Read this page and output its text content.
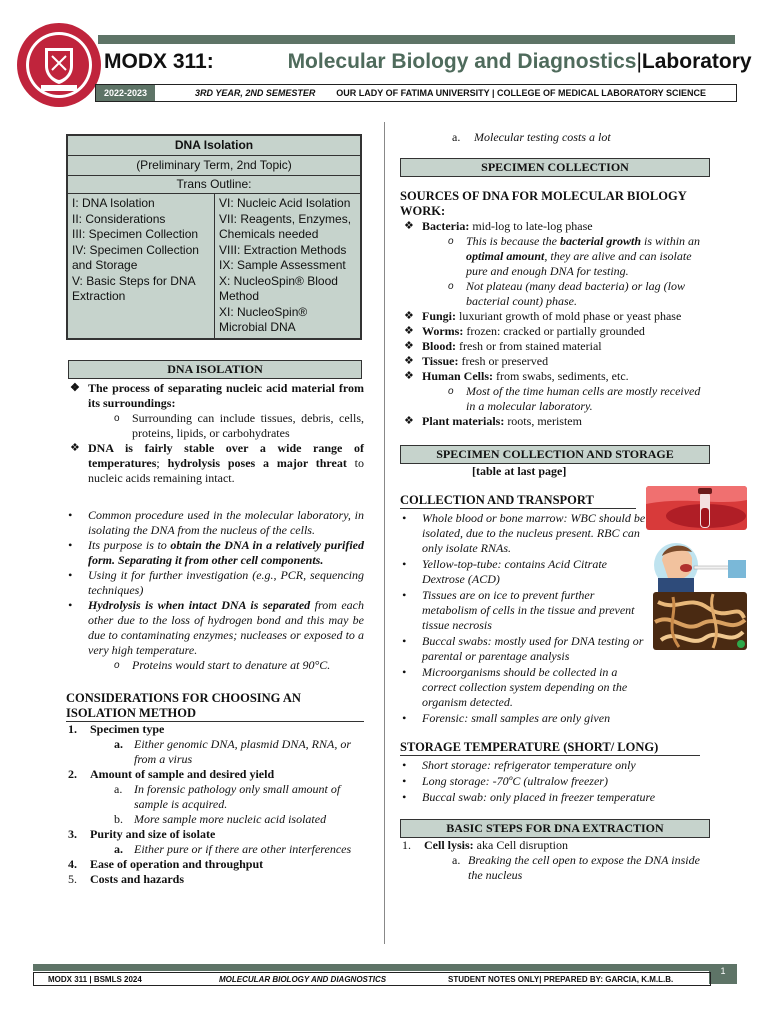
MODX 311:	Molecular Biology and Diagnostics|Laboratory
2022-2023	3RD YEAR, 2ND SEMESTER OUR LADY OF FATIMA UNIVERSITY | COLLEGE OF MEDICAL LABORATORY SCIENCE
DNA Isolation
(Preliminary Term, 2nd Topic)
Trans Outline:
I: DNA Isolation
II: Considerations
III: Specimen Collection
IV: Specimen Collection and Storage
V: Basic Steps for DNA Extraction
VI: Nucleic Acid Isolation
VII: Reagents, Enzymes, Chemicals needed
VIII: Extraction Methods
IX: Sample Assessment
X: NucleoSpin® Blood Method
XI: NucleoSpin® Microbial DNA
DNA ISOLATION
❖ The process of separating nucleic acid material from its surroundings:
o Surrounding can include tissues, debris, cells, proteins, lipids, or carbohydrates
❖ DNA is fairly stable over a wide range of temperatures; hydrolysis poses a major threat to nucleic acids remaining intact.
• Common procedure used in the molecular laboratory, in isolating the DNA from the nucleus of the cells.
• Its purpose is to obtain the DNA in a relatively purified form. Separating it from other cell components.
• Using it for further investigation (e.g., PCR, sequencing techniques)
• Hydrolysis is when intact DNA is separated from each other due to the loss of hydrogen bond and this may be due to contaminating enzymes; nucleases or exposed to a very high temperature.
o Proteins would start to denature at 90°C.
CONSIDERATIONS FOR CHOOSING AN ISOLATION METHOD
1. Specimen type
a. Either genomic DNA, plasmid DNA, RNA, or from a virus
2. Amount of sample and desired yield
a. In forensic pathology only small amount of sample is acquired.
b. More sample more nucleic acid isolated
3. Purity and size of isolate
a. Either pure or if there are other interferences
4. Ease of operation and throughput
5. Costs and hazards
a. Molecular testing costs a lot
SPECIMEN COLLECTION
SOURCES OF DNA FOR MOLECULAR BIOLOGY WORK:
❖ Bacteria: mid-log to late-log phase
o This is because the bacterial growth is within an optimal amount, they are alive and can isolate pure and enough DNA for testing.
o Not plateau (many dead bacteria) or lag (low bacterial count) phase.
❖ Fungi: luxuriant growth of mold phase or yeast phase
❖ Worms: frozen: cracked or partially grounded
❖ Blood: fresh or from stained material
❖ Tissue: fresh or preserved
❖ Human Cells: from swabs, sediments, etc.
o Most of the time human cells are mostly received in a molecular laboratory.
❖ Plant materials: roots, meristem
SPECIMEN COLLECTION AND STORAGE
[table at last page]
COLLECTION AND TRANSPORT
• Whole blood or bone marrow: WBC should be isolated, due to the nucleus present. RBC can only isolate RNAs.
• Yellow-top-tube: contains Acid Citrate Dextrose (ACD)
• Tissues are on ice to prevent further metabolism of cells in the tissue and prevent tissue necrosis
• Buccal swabs: mostly used for DNA testing or parental or parentage analysis
• Microorganisms should be collected in a correct collection system depending on the organism detected.
• Forensic: small samples are only given
STORAGE TEMPERATURE (SHORT/ LONG)
• Short storage: refrigerator temperature only
• Long storage: -70ºC (ultralow freezer)
• Buccal swab: only placed in freezer temperature
BASIC STEPS FOR DNA EXTRACTION
1. Cell lysis: aka Cell disruption
a. Breaking the cell open to expose the DNA inside the nucleus
1
MODX 311 | BSMLS 2024	MOLECULAR BIOLOGY AND DIAGNOSTICS	STUDENT NOTES ONLY| PREPARED BY: GARCIA, K.M.L.B.
